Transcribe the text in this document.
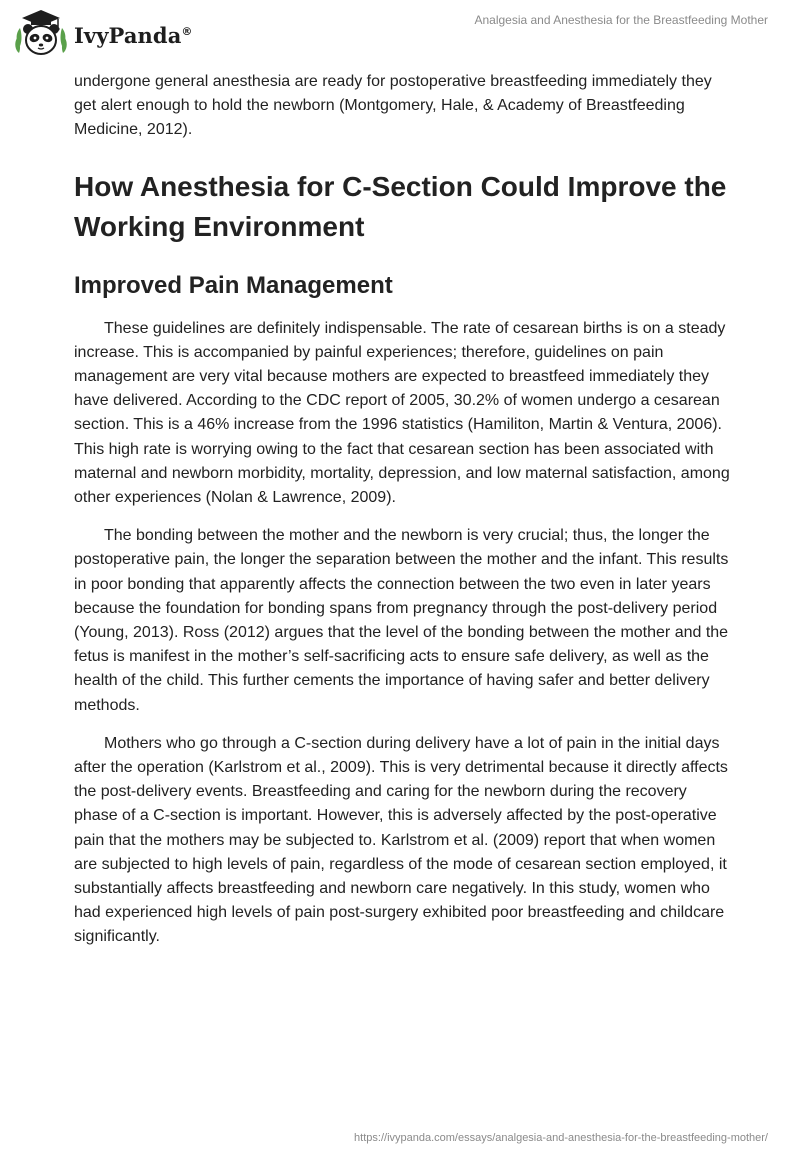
IvyPanda®
Analgesia and Anesthesia for the Breastfeeding Mother

undergone general anesthesia are ready for postoperative breastfeeding immediately they get alert enough to hold the newborn (Montgomery, Hale, & Academy of Breastfeeding Medicine, 2012).

How Anesthesia for C-Section Could Improve the Working Environment
Improved Pain Management

These guidelines are definitely indispensable. The rate of cesarean births is on a steady increase. This is accompanied by painful experiences; therefore, guidelines on pain management are very vital because mothers are expected to breastfeed immediately they have delivered. According to the CDC report of 2005, 30.2% of women undergo a cesarean section. This is a 46% increase from the 1996 statistics (Hamiliton, Martin & Ventura, 2006). This high rate is worrying owing to the fact that cesarean section has been associated with maternal and newborn morbidity, mortality, depression, and low maternal satisfaction, among other experiences (Nolan & Lawrence, 2009).

The bonding between the mother and the newborn is very crucial; thus, the longer the postoperative pain, the longer the separation between the mother and the infant. This results in poor bonding that apparently affects the connection between the two even in later years because the foundation for bonding spans from pregnancy through the post-delivery period (Young, 2013). Ross (2012) argues that the level of the bonding between the mother and the fetus is manifest in the mother’s self-sacrificing acts to ensure safe delivery, as well as the health of the child. This further cements the importance of having safer and better delivery methods.

Mothers who go through a C-section during delivery have a lot of pain in the initial days after the operation (Karlstrom et al., 2009). This is very detrimental because it directly affects the post-delivery events. Breastfeeding and caring for the newborn during the recovery phase of a C-section is important. However, this is adversely affected by the post-operative pain that the mothers may be subjected to. Karlstrom et al. (2009) report that when women are subjected to high levels of pain, regardless of the mode of cesarean section employed, it substantially affects breastfeeding and newborn care negatively. In this study, women who had experienced high levels of pain post-surgery exhibited poor breastfeeding and childcare significantly.

https://ivypanda.com/essays/analgesia-and-anesthesia-for-the-breastfeeding-mother/
